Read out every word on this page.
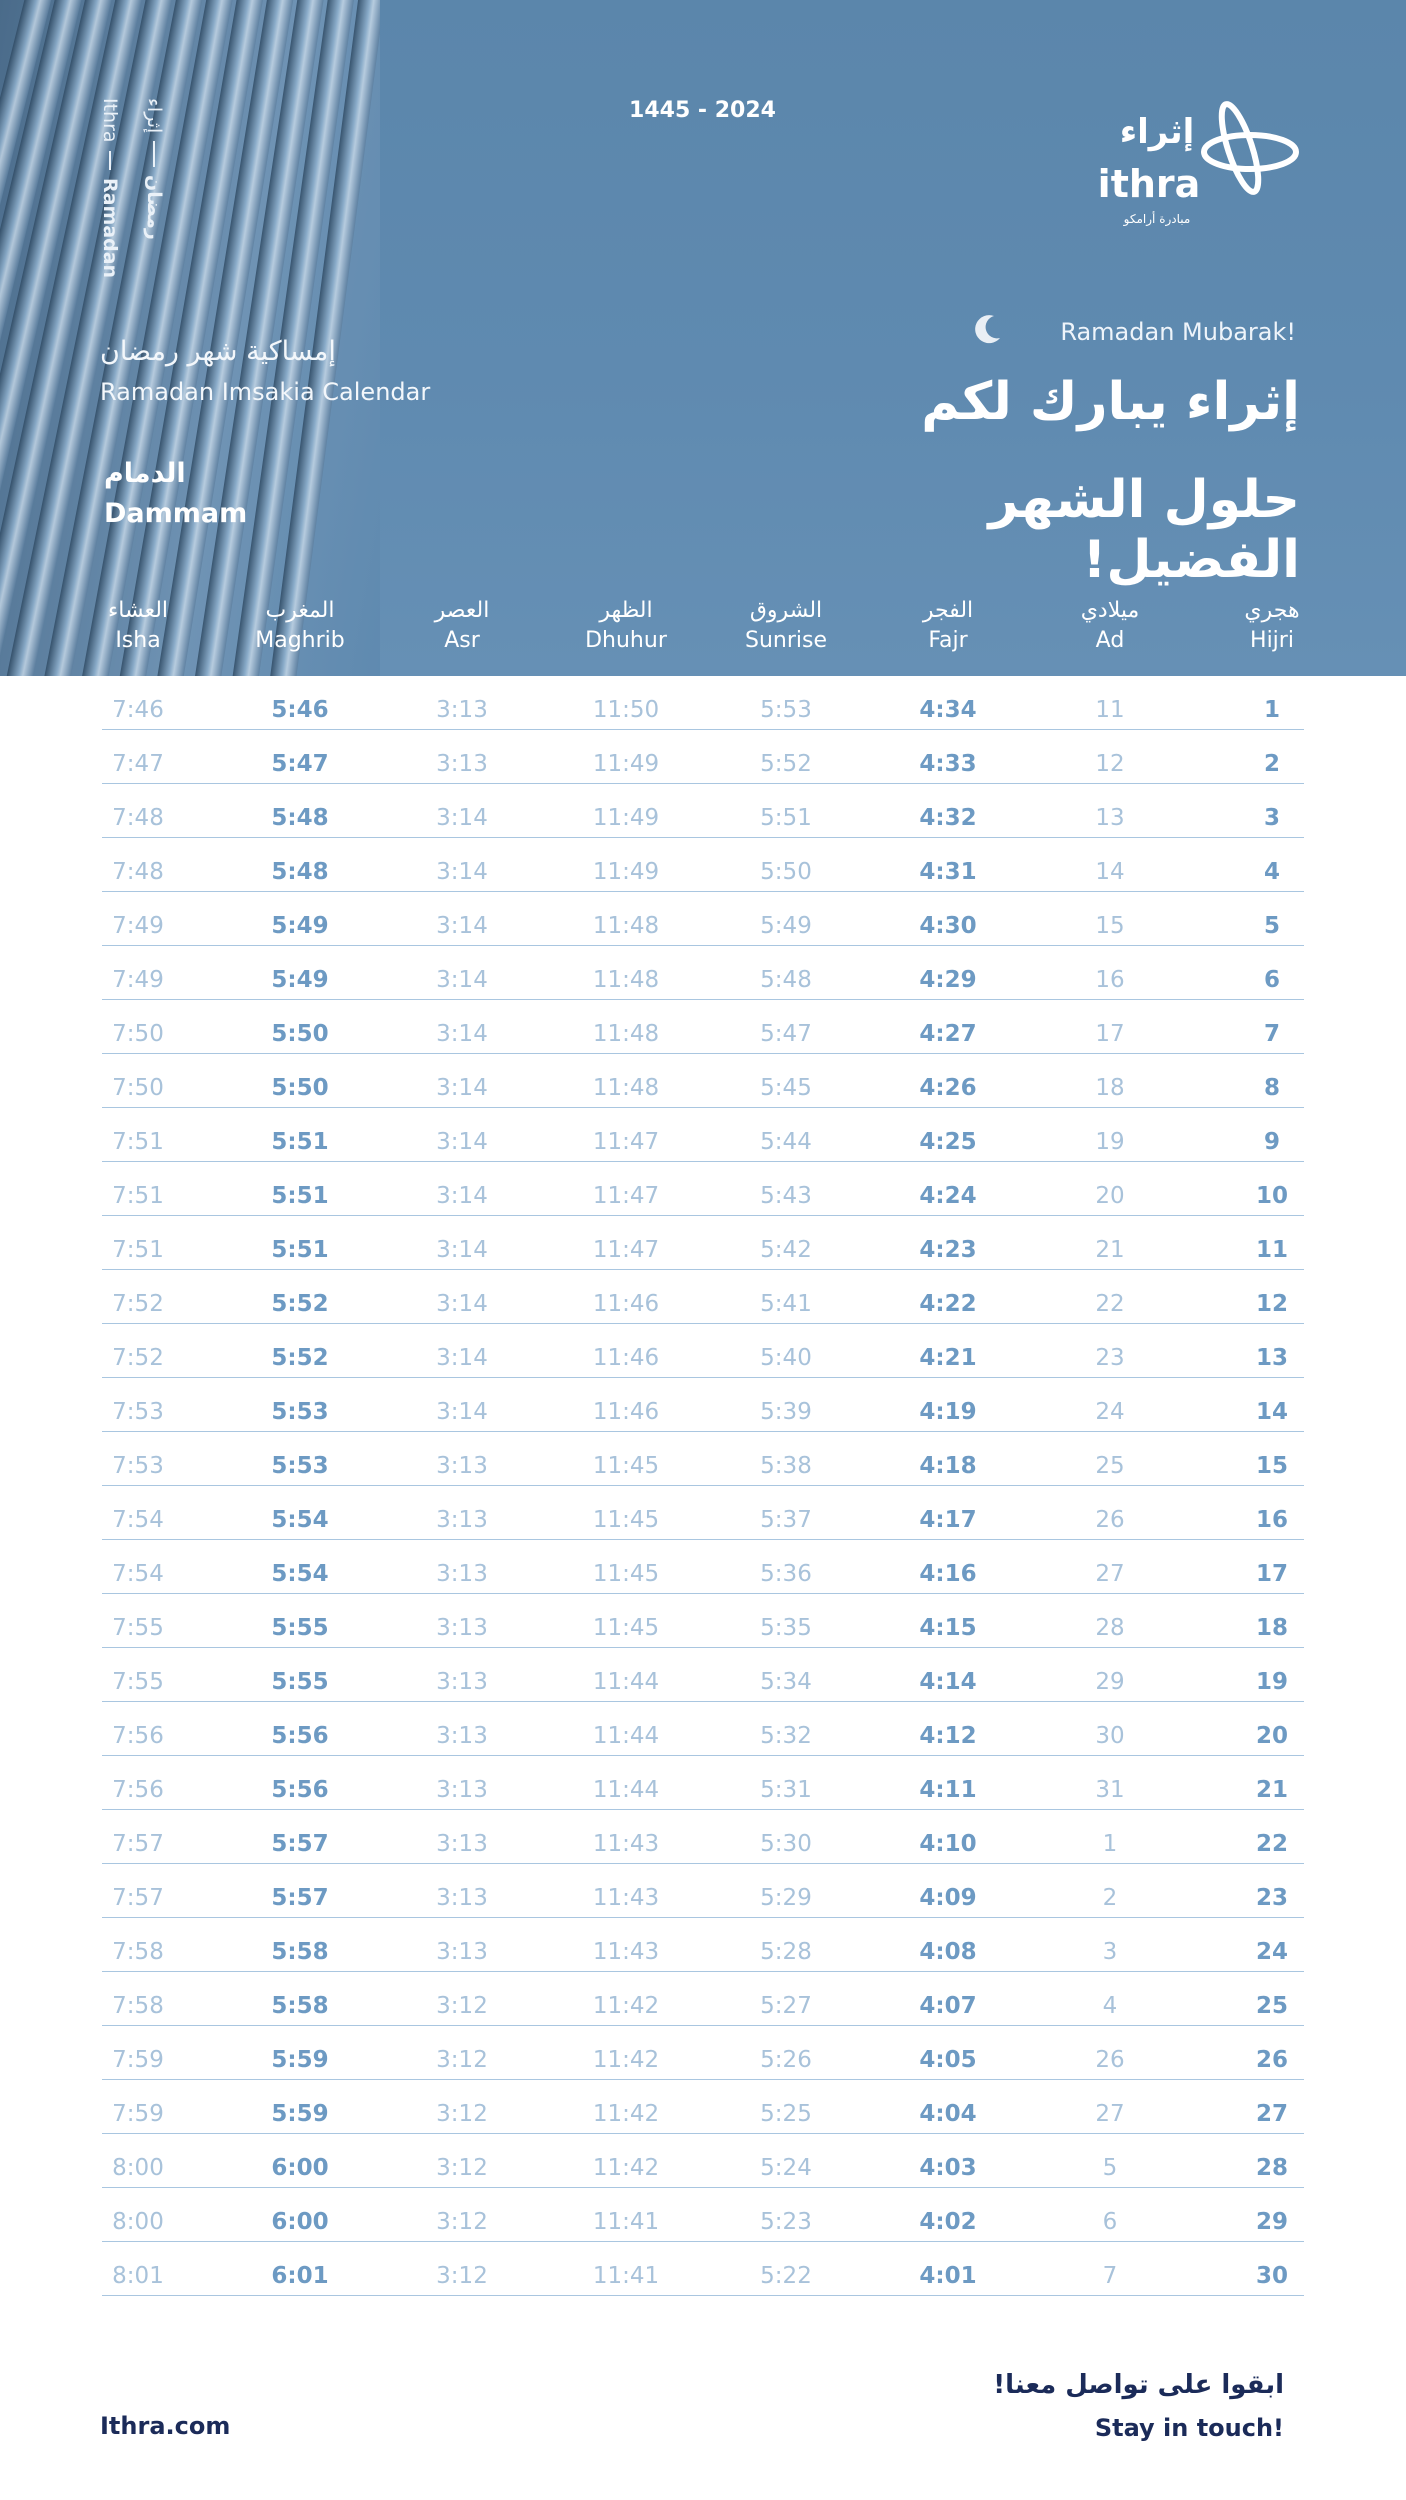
إثراء
رمضان
Ithra
Ramadan
1445 - 2024
إثراء
ithra
مبادرة أرامكو
إمساكية شهر رمضان
Ramadan Imsakia Calendar
الدمام
Dammam
Ramadan Mubarak!
إثراء يبارك لكم
حلول الشهر الفضيل!
العشاء
Isha
المغرب
Maghrib
العصر
Asr
الظهر
Dhuhur
الشروق
Sunrise
الفجر
Fajr
ميلادي
Ad
هجري
Hijri
7:46	5:46	3:13	11:50	5:53	4:34	11	1
7:47	5:47	3:13	11:49	5:52	4:33	12	2
7:48	5:48	3:14	11:49	5:51	4:32	13	3
7:48	5:48	3:14	11:49	5:50	4:31	14	4
7:49	5:49	3:14	11:48	5:49	4:30	15	5
7:49	5:49	3:14	11:48	5:48	4:29	16	6
7:50	5:50	3:14	11:48	5:47	4:27	17	7
7:50	5:50	3:14	11:48	5:45	4:26	18	8
7:51	5:51	3:14	11:47	5:44	4:25	19	9
7:51	5:51	3:14	11:47	5:43	4:24	20	10
7:51	5:51	3:14	11:47	5:42	4:23	21	11
7:52	5:52	3:14	11:46	5:41	4:22	22	12
7:52	5:52	3:14	11:46	5:40	4:21	23	13
7:53	5:53	3:14	11:46	5:39	4:19	24	14
7:53	5:53	3:13	11:45	5:38	4:18	25	15
7:54	5:54	3:13	11:45	5:37	4:17	26	16
7:54	5:54	3:13	11:45	5:36	4:16	27	17
7:55	5:55	3:13	11:45	5:35	4:15	28	18
7:55	5:55	3:13	11:44	5:34	4:14	29	19
7:56	5:56	3:13	11:44	5:32	4:12	30	20
7:56	5:56	3:13	11:44	5:31	4:11	31	21
7:57	5:57	3:13	11:43	5:30	4:10	1	22
7:57	5:57	3:13	11:43	5:29	4:09	2	23
7:58	5:58	3:13	11:43	5:28	4:08	3	24
7:58	5:58	3:12	11:42	5:27	4:07	4	25
7:59	5:59	3:12	11:42	5:26	4:05	26	26
7:59	5:59	3:12	11:42	5:25	4:04	27	27
8:00	6:00	3:12	11:42	5:24	4:03	5	28
8:00	6:00	3:12	11:41	5:23	4:02	6	29
8:01	6:01	3:12	11:41	5:22	4:01	7	30
Ithra.com
ابقوا على تواصل معنا!
Stay in touch!
